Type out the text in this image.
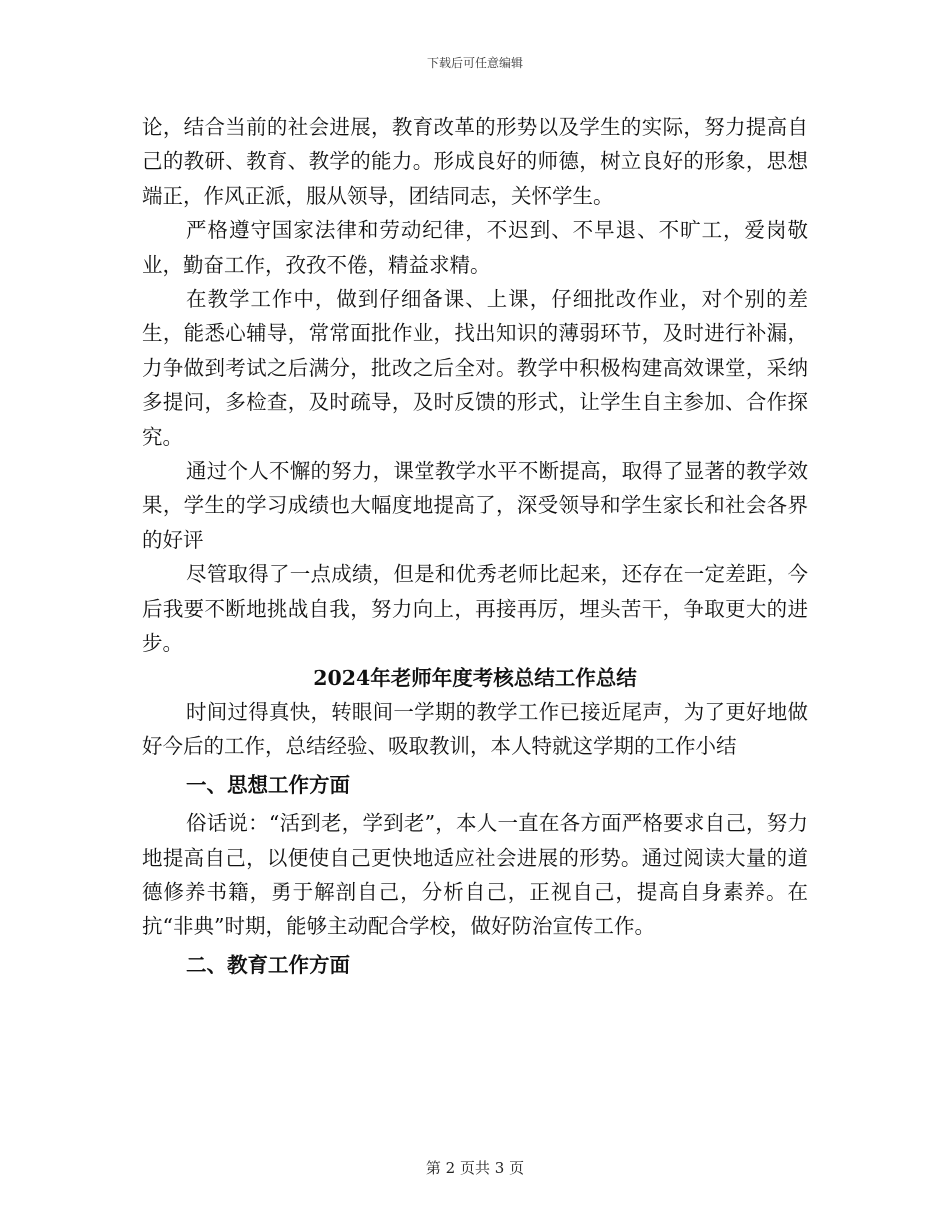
下载后可任意编辑

论，结合当前的社会进展，教育改革的形势以及学生的实际，努力提高自己的教研、教育、教学的能力。形成良好的师德，树立良好的形象，思想端正，作风正派，服从领导，团结同志，关怀学生。

严格遵守国家法律和劳动纪律，不迟到、不早退、不旷工，爱岗敬业，勤奋工作，孜孜不倦，精益求精。

在教学工作中，做到仔细备课、上课，仔细批改作业，对个别的差生，能悉心辅导，常常面批作业，找出知识的薄弱环节，及时进行补漏，力争做到考试之后满分，批改之后全对。教学中积极构建高效课堂，采纳多提问，多检查，及时疏导，及时反馈的形式，让学生自主参加、合作探究。

通过个人不懈的努力，课堂教学水平不断提高，取得了显著的教学效果，学生的学习成绩也大幅度地提高了，深受领导和学生家长和社会各界的好评

尽管取得了一点成绩，但是和优秀老师比起来，还存在一定差距，今后我要不断地挑战自我，努力向上，再接再厉，埋头苦干，争取更大的进步。

2024年老师年度考核总结工作总结

时间过得真快，转眼间一学期的教学工作已接近尾声，为了更好地做好今后的工作，总结经验、吸取教训，本人特就这学期的工作小结

一、思想工作方面

俗话说：“活到老，学到老”，本人一直在各方面严格要求自己，努力地提高自己，以便使自己更快地适应社会进展的形势。通过阅读大量的道德修养书籍，勇于解剖自己，分析自己，正视自己，提高自身素养。在抗“非典”时期，能够主动配合学校，做好防治宣传工作。

二、教育工作方面

第 2 页共 3 页
